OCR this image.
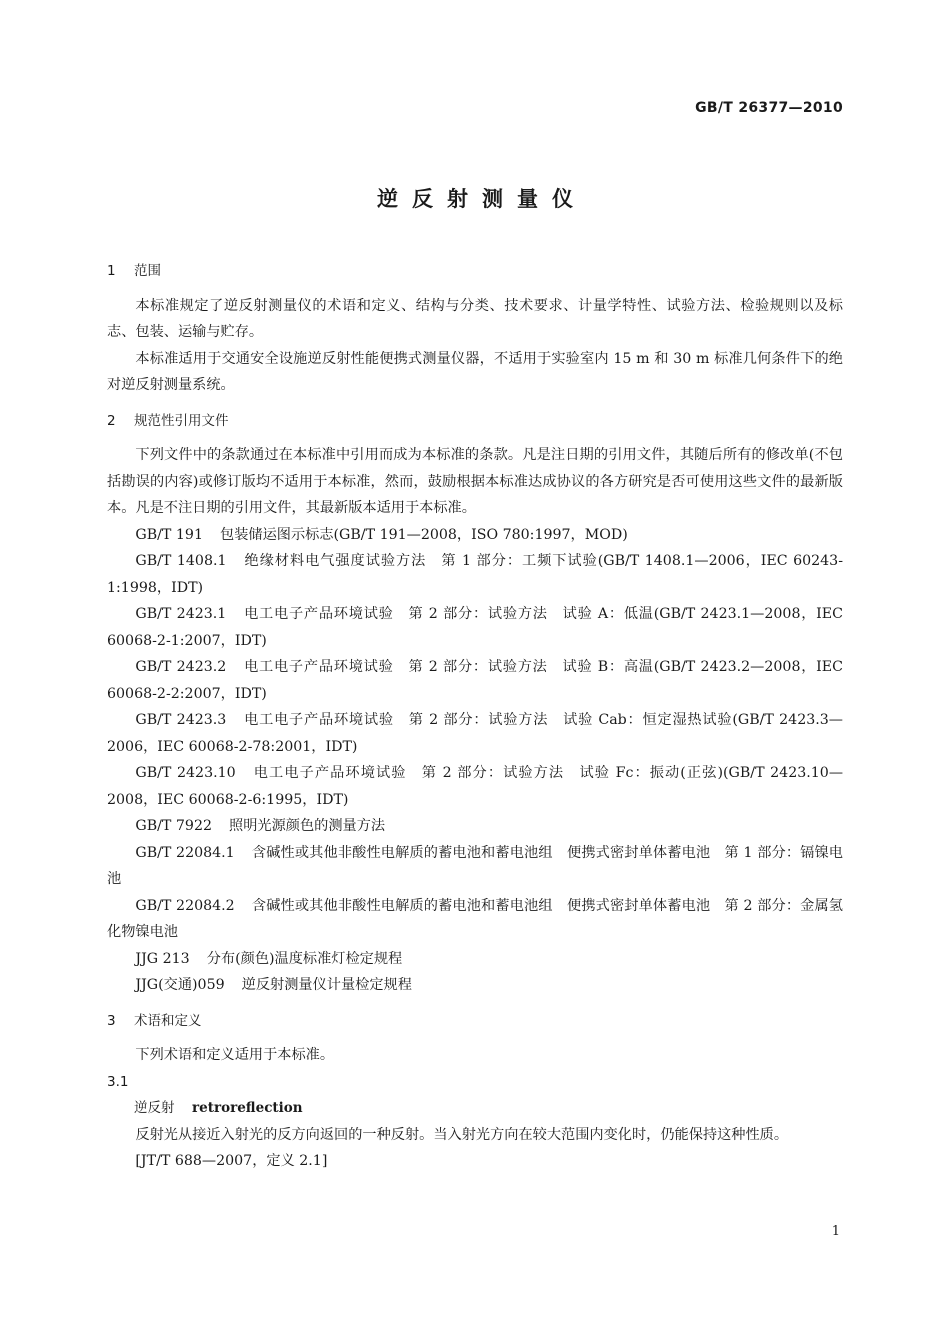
GB/T 26377—2010
逆反射测量仪
1 范围

本标准规定了逆反射测量仪的术语和定义、结构与分类、技术要求、计量学特性、试验方法、检验规则以及标志、包装、运输与贮存。

本标准适用于交通安全设施逆反射性能便携式测量仪器，不适用于实验室内 15 m 和 30 m 标准几何条件下的绝对逆反射测量系统。

2 规范性引用文件

下列文件中的条款通过在本标准中引用而成为本标准的条款。凡是注日期的引用文件，其随后所有的修改单(不包括勘误的内容)或修订版均不适用于本标准，然而，鼓励根据本标准达成协议的各方研究是否可使用这些文件的最新版本。凡是不注日期的引用文件，其最新版本适用于本标准。

GB/T 191 包装储运图示标志(GB/T 191—2008，ISO 780:1997，MOD)

GB/T 1408.1 绝缘材料电气强度试验方法　第 1 部分：工频下试验(GB/T 1408.1—2006，IEC 60243-1:1998，IDT)

GB/T 2423.1 电工电子产品环境试验　第 2 部分：试验方法　试验 A：低温(GB/T 2423.1—2008，IEC 60068-2-1:2007，IDT)

GB/T 2423.2 电工电子产品环境试验　第 2 部分：试验方法　试验 B：高温(GB/T 2423.2—2008，IEC 60068-2-2:2007，IDT)

GB/T 2423.3 电工电子产品环境试验　第 2 部分：试验方法　试验 Cab：恒定湿热试验(GB/T 2423.3—2006，IEC 60068-2-78:2001，IDT)

GB/T 2423.10 电工电子产品环境试验　第 2 部分：试验方法　试验 Fc：振动(正弦)(GB/T 2423.10—2008，IEC 60068-2-6:1995，IDT)

GB/T 7922 照明光源颜色的测量方法

GB/T 22084.1 含碱性或其他非酸性电解质的蓄电池和蓄电池组　便携式密封单体蓄电池　第 1 部分：镉镍电池

GB/T 22084.2 含碱性或其他非酸性电解质的蓄电池和蓄电池组　便携式密封单体蓄电池　第 2 部分：金属氢化物镍电池

JJG 213 分布(颜色)温度标准灯检定规程

JJG(交通)059 逆反射测量仪计量检定规程

3 术语和定义

下列术语和定义适用于本标准。

3.1

逆反射 retroreflection

反射光从接近入射光的反方向返回的一种反射。当入射光方向在较大范围内变化时，仍能保持这种性质。

[JT/T 688—2007，定义 2.1]

1
